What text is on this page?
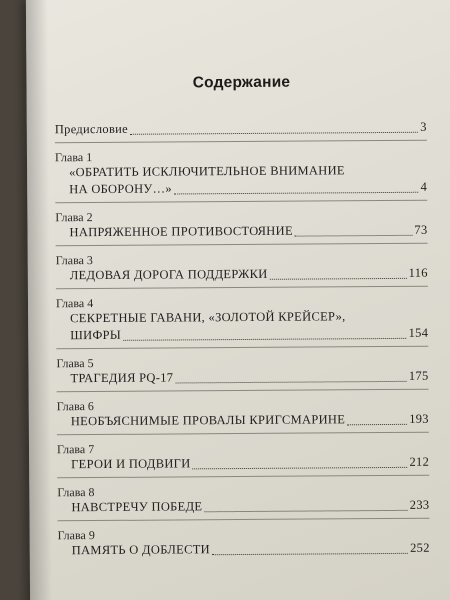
Содержание
Предисловие	3
Глава 1
«ОБРАТИТЬ ИСКЛЮЧИТЕЛЬНОЕ ВНИМАНИЕ
НА ОБОРОНУ…»	4
Глава 2
НАПРЯЖЕННОЕ ПРОТИВОСТОЯНИЕ	73
Глава 3
ЛЕДОВАЯ ДОРОГА ПОДДЕРЖКИ	116
Глава 4
СЕКРЕТНЫЕ ГАВАНИ, «ЗОЛОТОЙ КРЕЙСЕР»,
ШИФРЫ	154
Глава 5
ТРАГЕДИЯ PQ-17	175
Глава 6
НЕОБЪЯСНИМЫЕ ПРОВАЛЫ КРИГСМАРИНЕ	193
Глава 7
ГЕРОИ И ПОДВИГИ	212
Глава 8
НАВСТРЕЧУ ПОБЕДЕ	233
Глава 9
ПАМЯТЬ О ДОБЛЕСТИ	252
